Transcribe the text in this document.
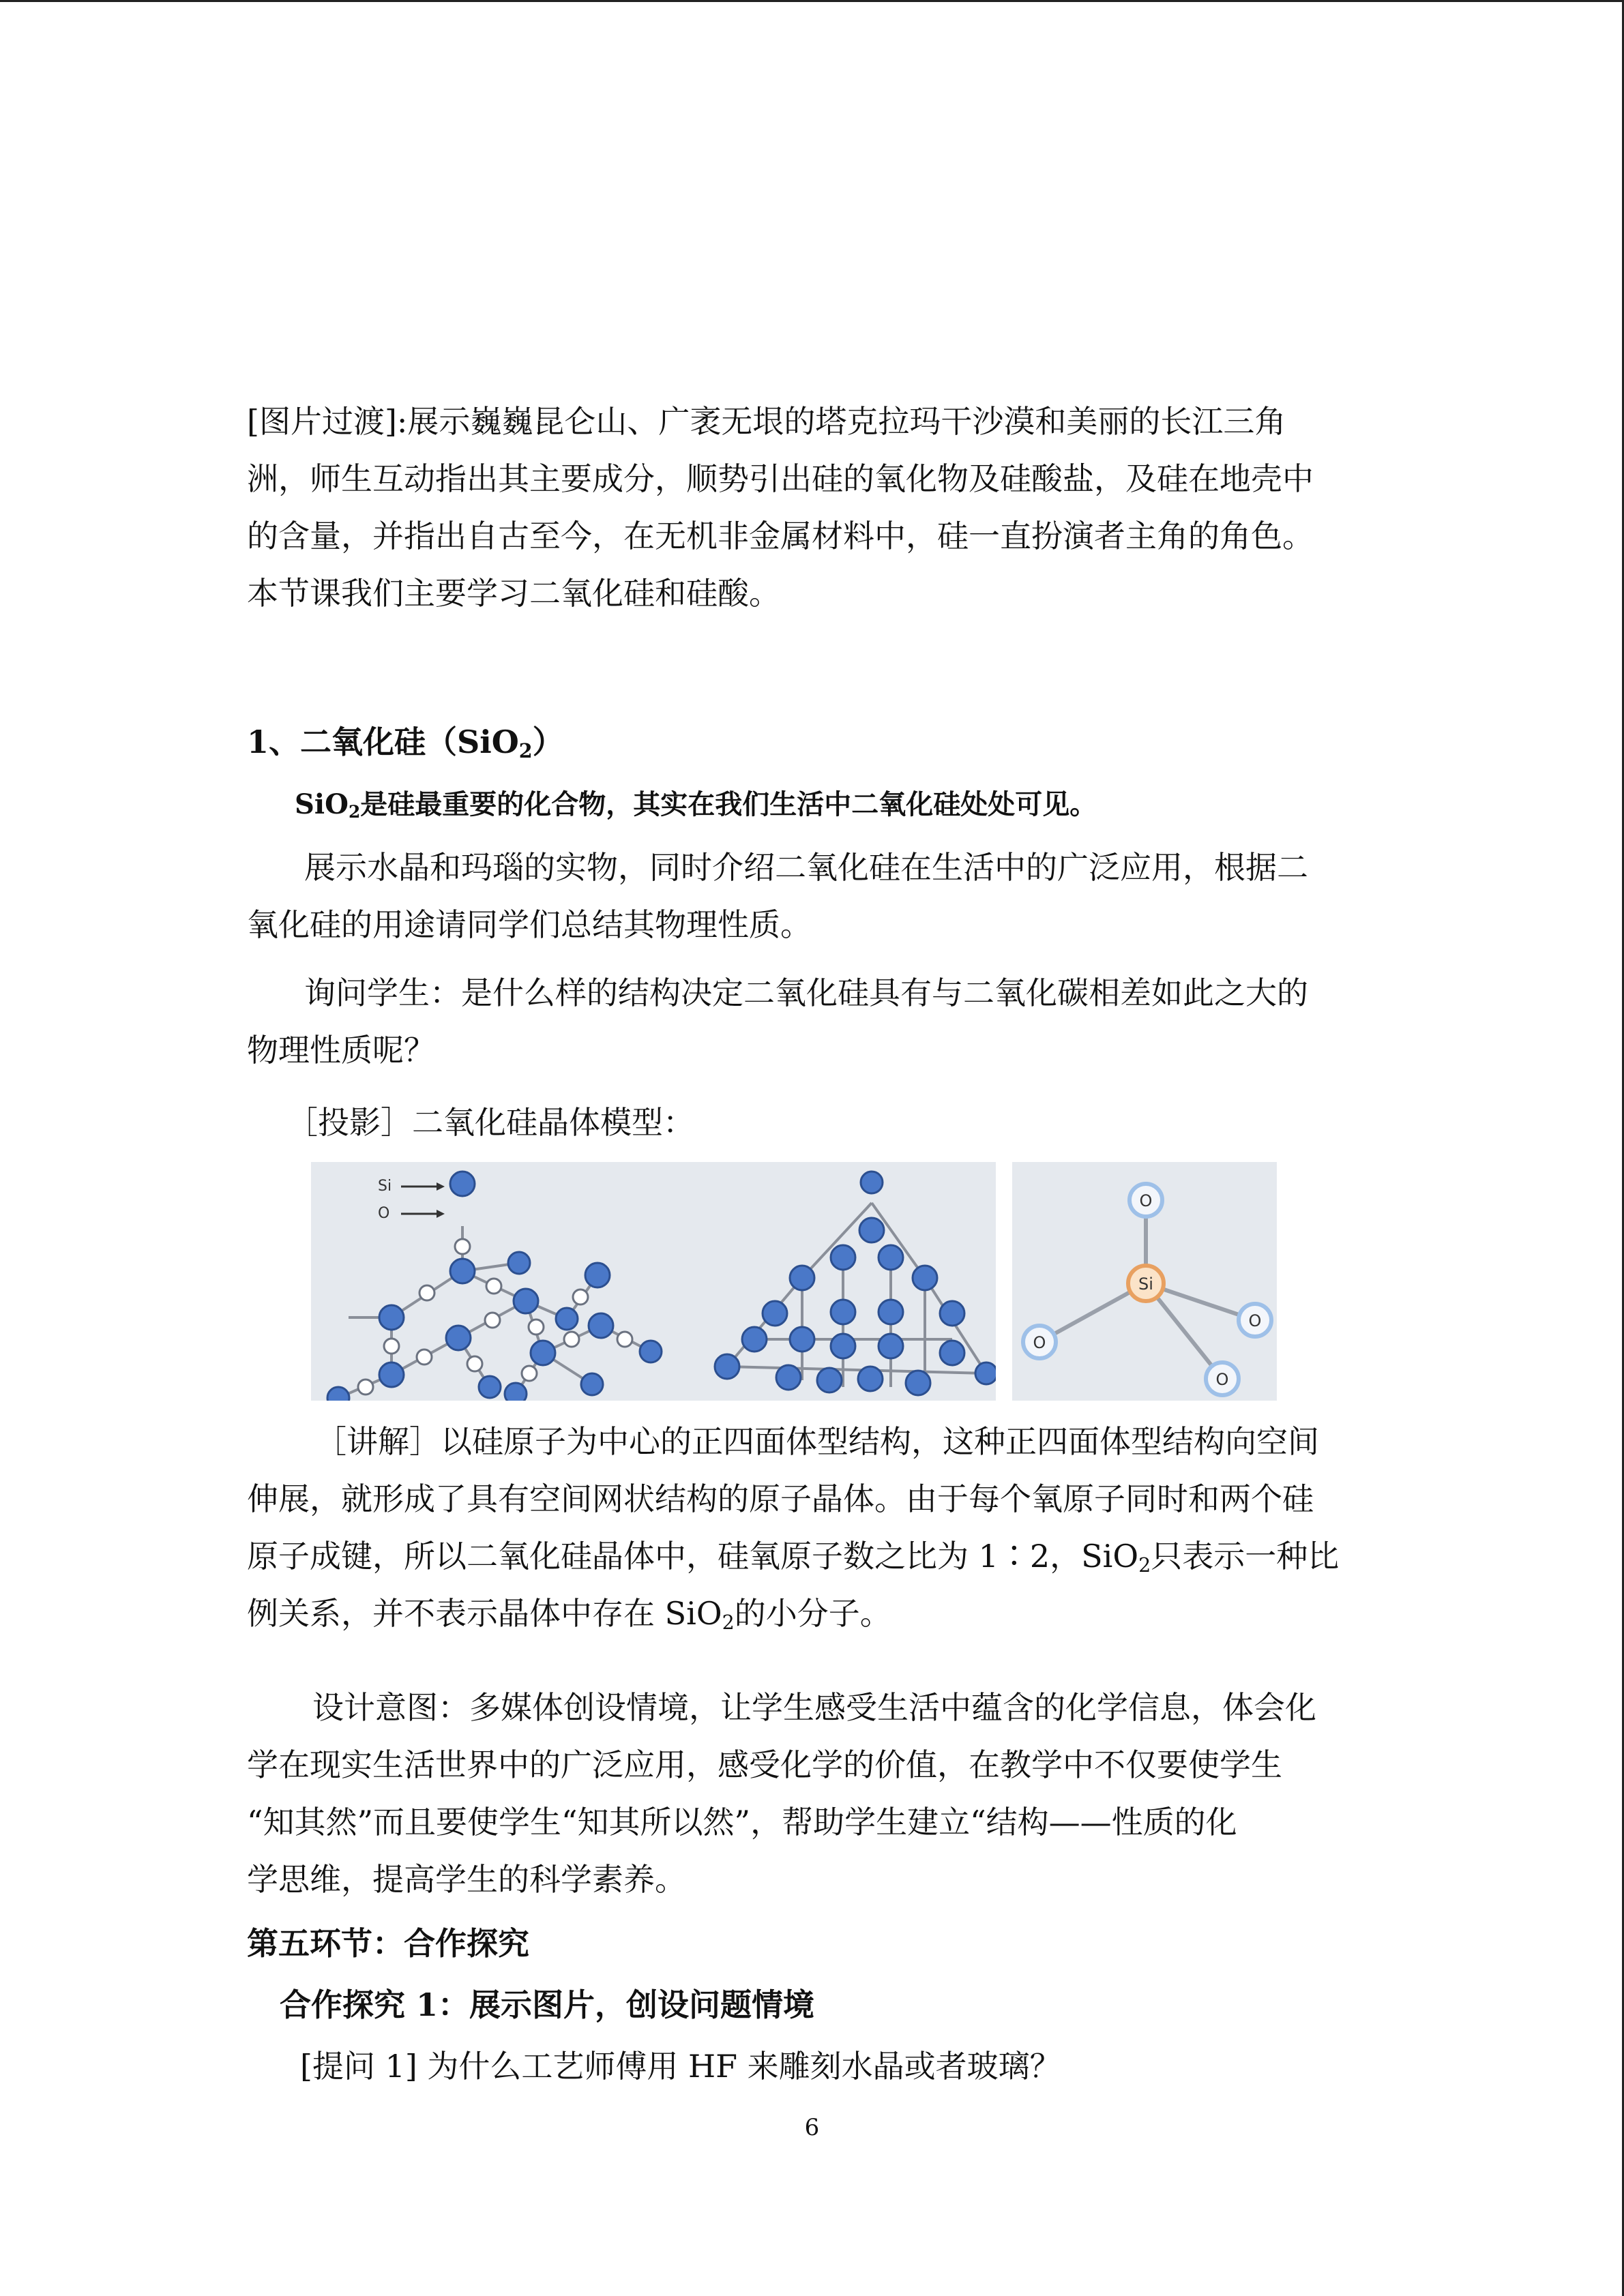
[图片过渡]:展示巍巍昆仑山、广袤无垠的塔克拉玛干沙漠和美丽的长江三角
洲，师生互动指出其主要成分，顺势引出硅的氧化物及硅酸盐，及硅在地壳中
的含量，并指出自古至今，在无机非金属材料中，硅一直扮演者主角的角色。
本节课我们主要学习二氧化硅和硅酸。
1、二氧化硅（SiO$_2$）
SiO$_2$是硅最重要的化合物，其实在我们生活中二氧化硅处处可见。
展示水晶和玛瑙的实物，同时介绍二氧化硅在生活中的广泛应用，根据二
氧化硅的用途请同学们总结其物理性质。
询问学生：是什么样的结构决定二氧化硅具有与二氧化碳相差如此之大的
物理性质呢？
［投影］二氧化硅晶体模型：
Si
O
Si
O
O
O
O
［讲解］以硅原子为中心的正四面体型结构，这种正四面体型结构向空间
伸展，就形成了具有空间网状结构的原子晶体。由于每个氧原子同时和两个硅
原子成键，所以二氧化硅晶体中，硅氧原子数之比为 1∶2，SiO$_2$只表示一种比
例关系，并不表示晶体中存在 SiO$_2$的小分子。
设计意图：多媒体创设情境，让学生感受生活中蕴含的化学信息，体会化
学在现实生活世界中的广泛应用，感受化学的价值，在教学中不仅要使学生
“知其然”而且要使学生“知其所以然”，帮助学生建立“结构——性质的化
学思维，提高学生的科学素养。
第五环节：合作探究
合作探究 1：展示图片，创设问题情境
[提问 1] 为什么工艺师傅用 HF 来雕刻水晶或者玻璃？
6
